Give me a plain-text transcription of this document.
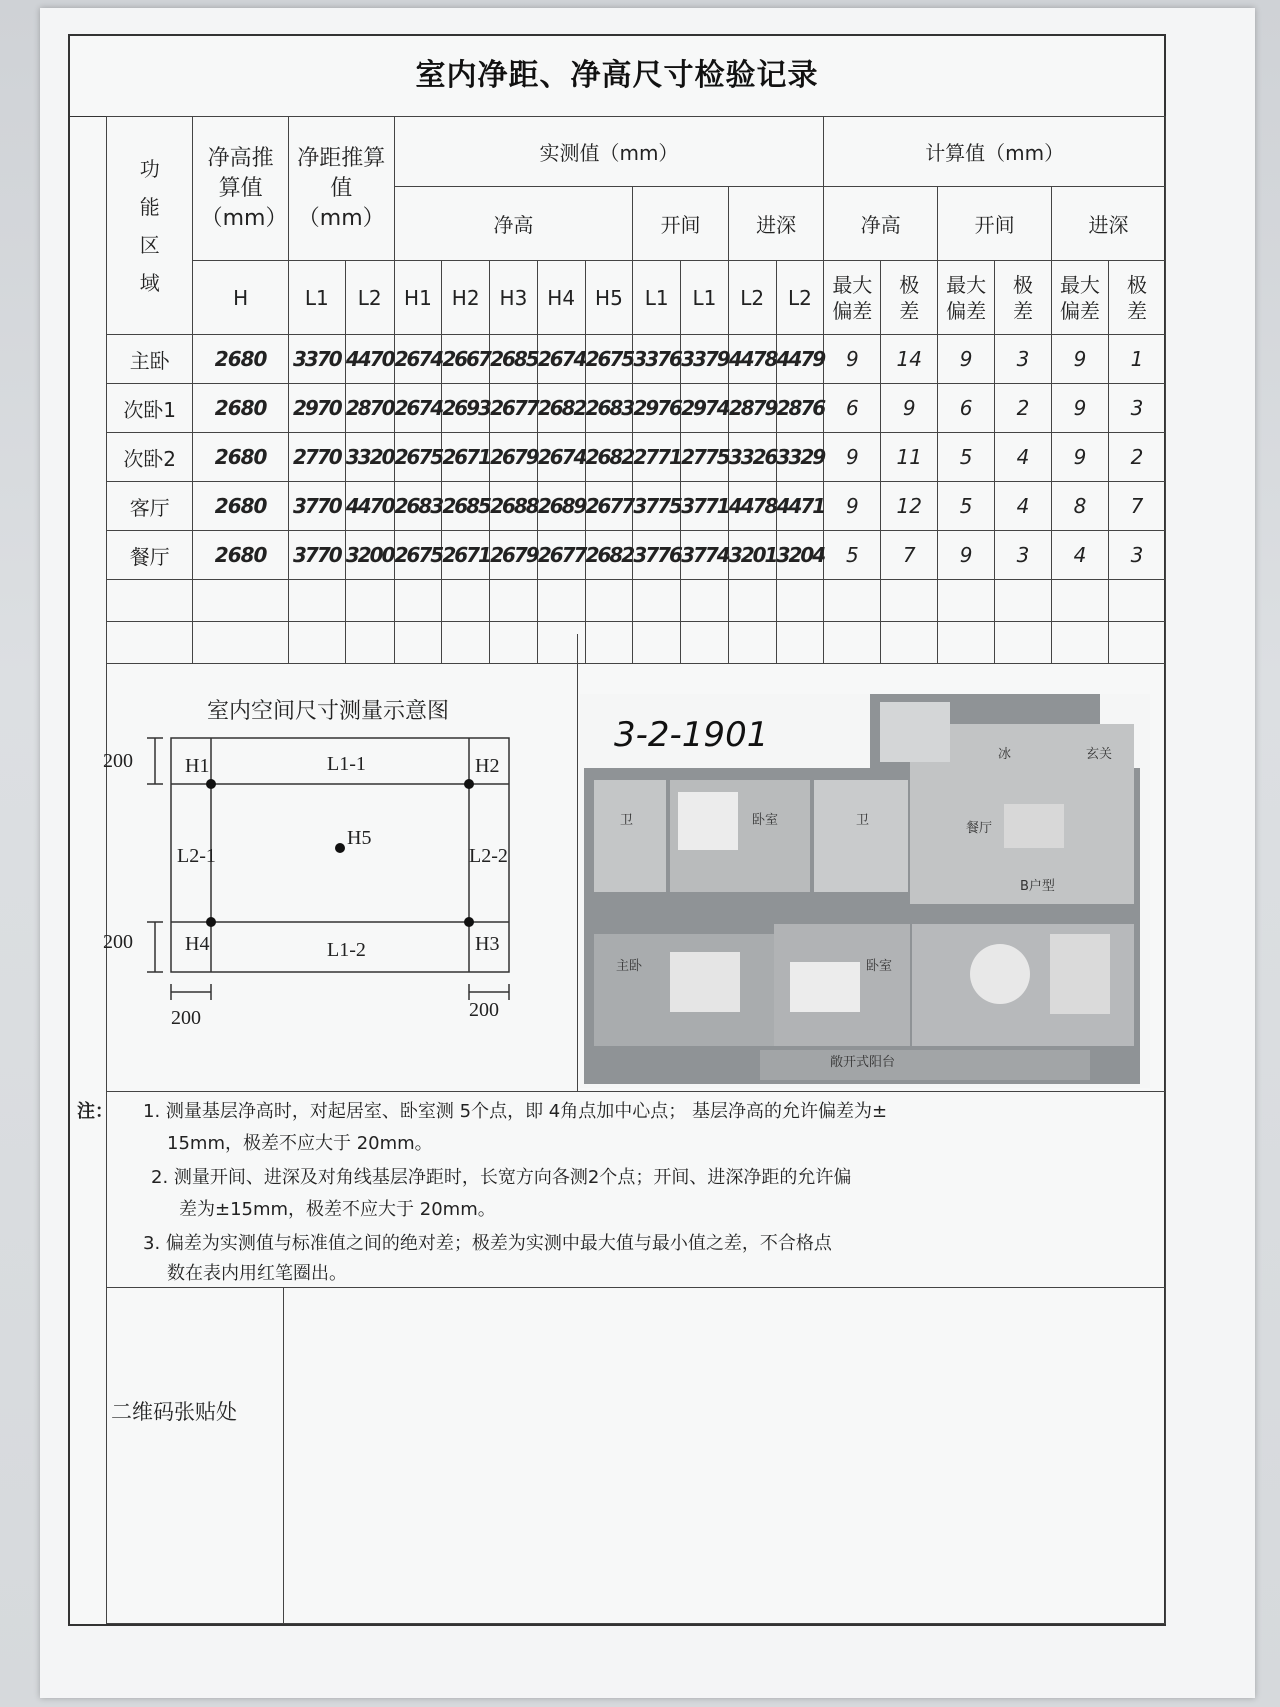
室内净距、净高尺寸检验记录
功
能
区
域	净高推算值（mm）	净距推算值（mm）		实测值（mm）									计算值（mm）					
				净高					开间		进深		净高		开间		进深	
	H	L1	L2	H1	H2	H3	H4	H5	L1	L1	L2	L2	最大偏差	极差	最大偏差	极差	最大偏差	极差
主卧	2680	3370	4470	2674	2667	2685	2674	2675	3376	3379	4478	4479	9	14	9	3	9	1
次卧1	2680	2970	2870	2674	2693	2677	2682	2683	2976	2974	2879	2876	6	9	6	2	9	3
次卧2	2680	2770	3320	2675	2671	2679	2674	2682	2771	2775	3326	3329	9	11	5	4	9	2
客厅	2680	3770	4470	2683	2685	2688	2689	2677	3775	3771	4478	4471	9	12	5	4	8	7
餐厅	2680	3770	3200	2675	2671	2679	2677	2682	3776	3774	3201	3204	5	7	9	3	4	3

室内空间尺寸测量示意图
200
200
200	200
H1	H2
H3
H4
H5
L1-1
L1-2
L2-1	L2-2
卫	卧室	卫
冰	玄关
餐厅
B户型
主卧	卧室
敞开式阳台
3-2-1901
注： 1. 测量基层净高时，对起居室、卧室测 5个点，即 4角点加中心点； 基层净高的允许偏差为±
15mm，极差不应大于 20mm。
2. 测量开间、进深及对角线基层净距时，长宽方向各测2个点；开间、进深净距的允许偏
差为±15mm，极差不应大于 20mm。
3. 偏差为实测值与标准值之间的绝对差；极差为实测中最大值与最小值之差，不合格点
数在表内用红笔圈出。
二维码张贴处
